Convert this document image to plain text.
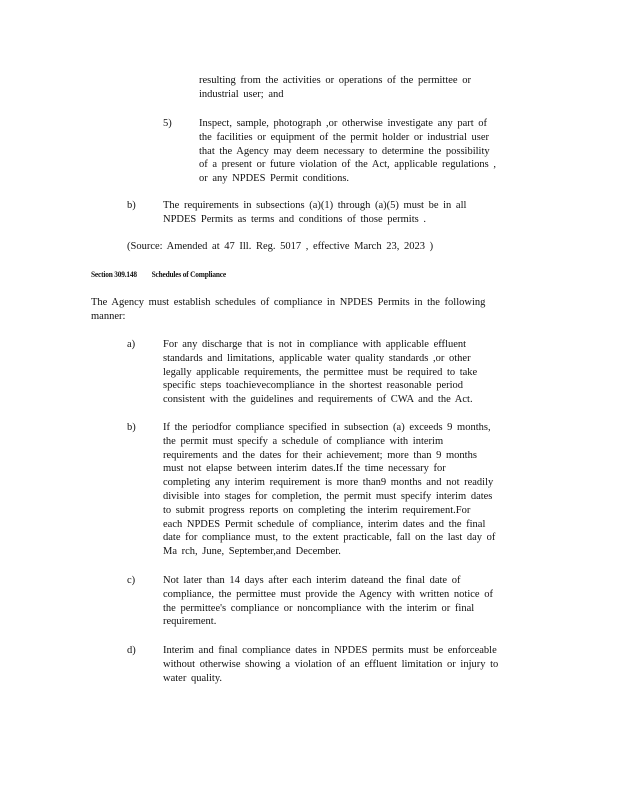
resulting from the activities or operations of the permittee or
industrial user; and
5)	Inspect, sample, photograph ,or otherwise investigate any part of
the facilities or equipment of the permit holder or industrial user
that the Agency may deem necessary to determine the possibility
of a present or future violation of the Act, applicable regulations ,
or any NPDES Permit conditions.
b)	The requirements in subsections (a)(1) through (a)(5) must be in all
NPDES Permits as terms and conditions of those permits .
(Source: Amended at 47 Ill. Reg. 5017 , effective March 23, 2023 )
Section 309.148 Schedules of Compliance
The Agency must establish schedules of compliance in NPDES Permits in the following
manner:
a)	For any discharge that is not in compliance with applicable effluent
standards and limitations, applicable water quality standards ,or other
legally applicable requirements, the permittee must be required to take
specific steps toachievecompliance in the shortest reasonable period
consistent with the guidelines and requirements of CWA and the Act.
b)	If the periodfor compliance specified in subsection (a) exceeds 9 months,
the permit must specify a schedule of compliance with interim
requirements and the dates for their achievement; more than 9 months
must not elapse between interim dates.If the time necessary for
completing any interim requirement is more than9 months and not readily
divisible into stages for completion, the permit must specify interim dates
to submit progress reports on completing the interim requirement.For
each NPDES Permit schedule of compliance, interim dates and the final
date for compliance must, to the extent practicable, fall on the last day of
Ma rch, June, September,and December.
c)	Not later than 14 days after each interim dateand the final date of
compliance, the permittee must provide the Agency with written notice of
the permittee's compliance or noncompliance with the interim or final
requirement.
d)	Interim and final compliance dates in NPDES permits must be enforceable
without otherwise showing a violation of an effluent limitation or injury to
water quality.
